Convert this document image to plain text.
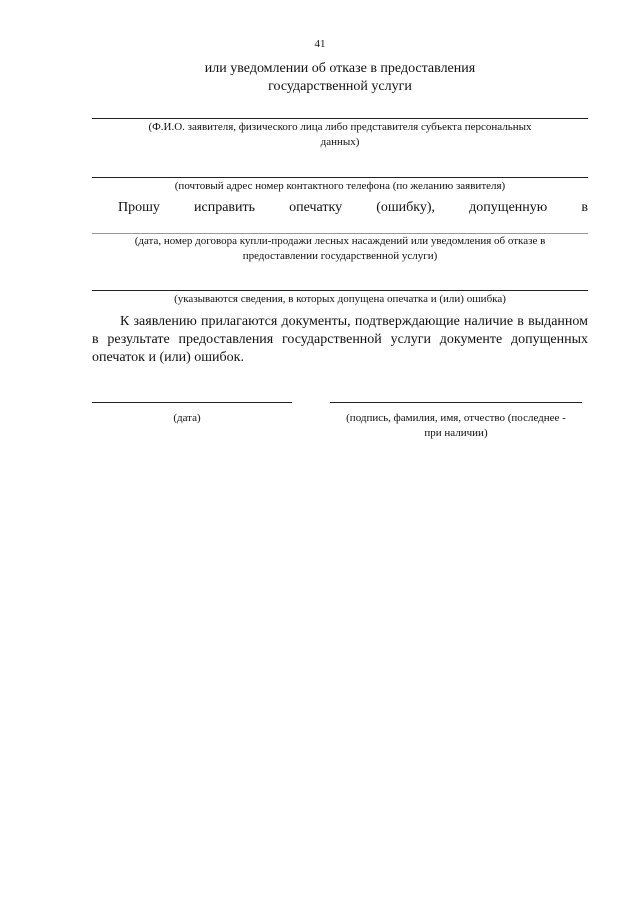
41
или уведомлении об отказе в предоставления
государственной услуги
(Ф.И.О. заявителя, физического лица либо представителя субъекта персональных
данных)
(почтовый адрес номер контактного телефона (по желанию заявителя)
Прошу исправить опечатку (ошибку), допущенную в
(дата, номер договора купли-продажи лесных насаждений или уведомления об отказе в
предоставлении государственной услуги)
(указываются сведения, в которых допущена опечатка и (или) ошибка)

К заявлению прилагаются документы, подтверждающие наличие в выданном в результате предоставления государственной услуги документе допущенных опечаток и (или) ошибок.

(дата)	(подпись, фамилия, имя, отчество (последнее -
при наличии)
